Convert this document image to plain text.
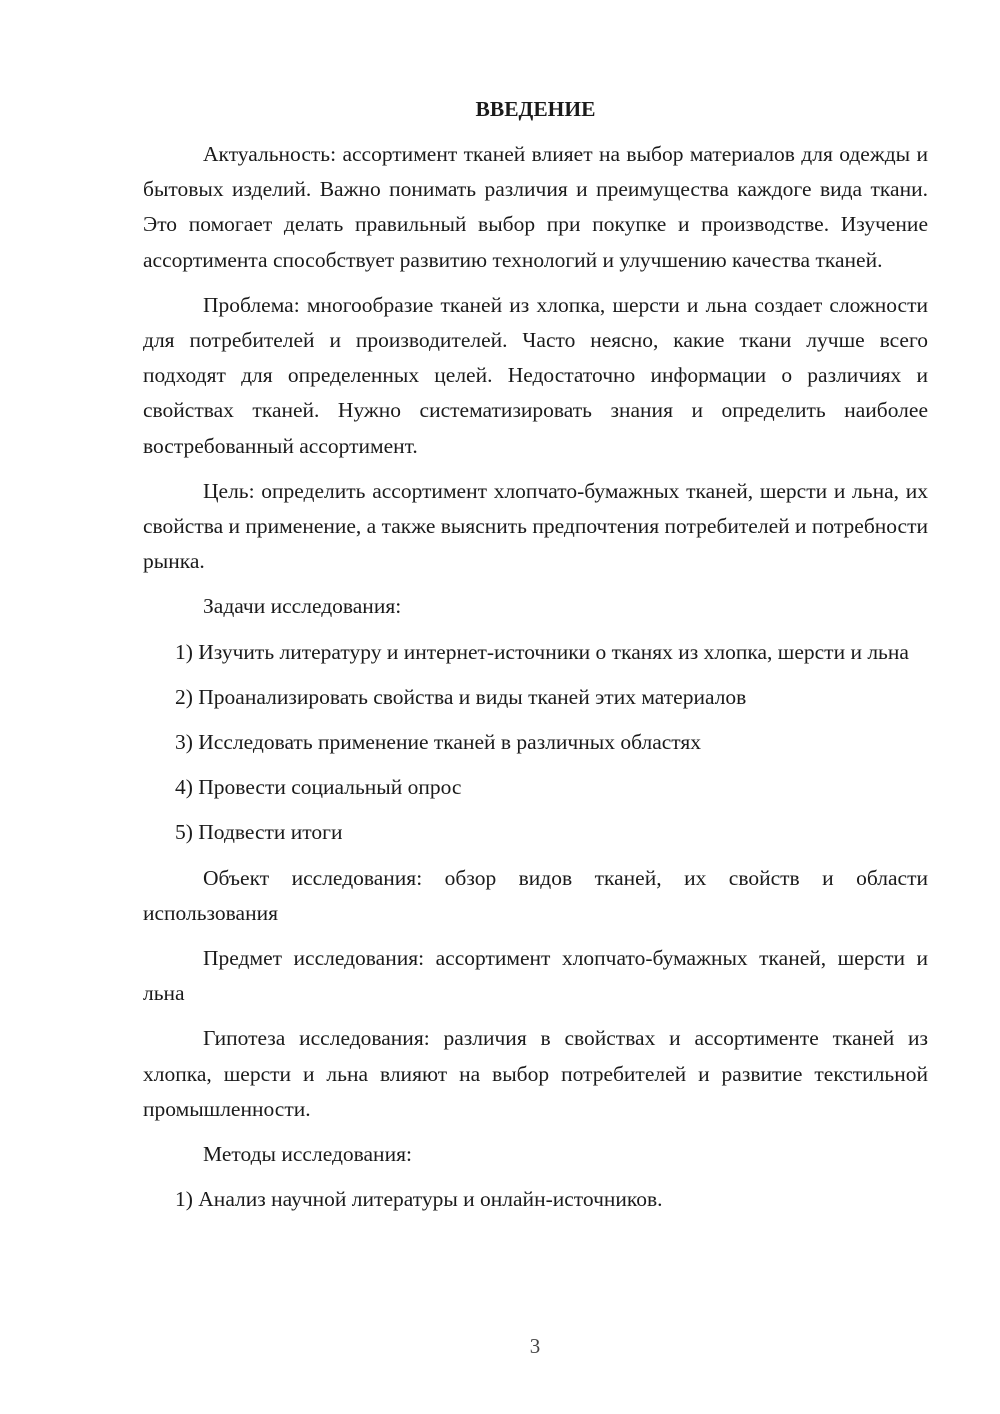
ВВЕДЕНИЕ

Актуальность: ассортимент тканей влияет на выбор материалов для одежды и бытовых изделий. Важно понимать различия и преимущества каждоге вида ткани. Это помогает делать правильный выбор при покупке и производстве. Изучение ассортимента способствует развитию технологий и улучшению качества тканей.

Проблема: многообразие тканей из хлопка, шерсти и льна создает сложности для потребителей и производителей. Часто неясно, какие ткани лучше всего подходят для определенных целей. Недостаточно информации о различиях и свойствах тканей. Нужно систематизировать знания и определить наиболее востребованный ассортимент.

Цель: определить ассортимент хлопчато-бумажных тканей, шерсти и льна, их свойства и применение, а также выяснить предпочтения потребителей и потребности рынка.

Задачи исследования:

1) Изучить литературу и интернет-источники о тканях из хлопка, шерсти и льна

2) Проанализировать свойства и виды тканей этих материалов

3) Исследовать применение тканей в различных областях

4) Провести социальный опрос

5) Подвести итоги

Объект исследования: обзор видов тканей, их свойств и области использования

Предмет исследования: ассортимент хлопчато-бумажных тканей, шерсти и льна

Гипотеза исследования: различия в свойствах и ассортименте тканей из хлопка, шерсти и льна влияют на выбор потребителей и развитие текстильной промышленности.

Методы исследования:

1) Анализ научной литературы и онлайн-источников.

3
